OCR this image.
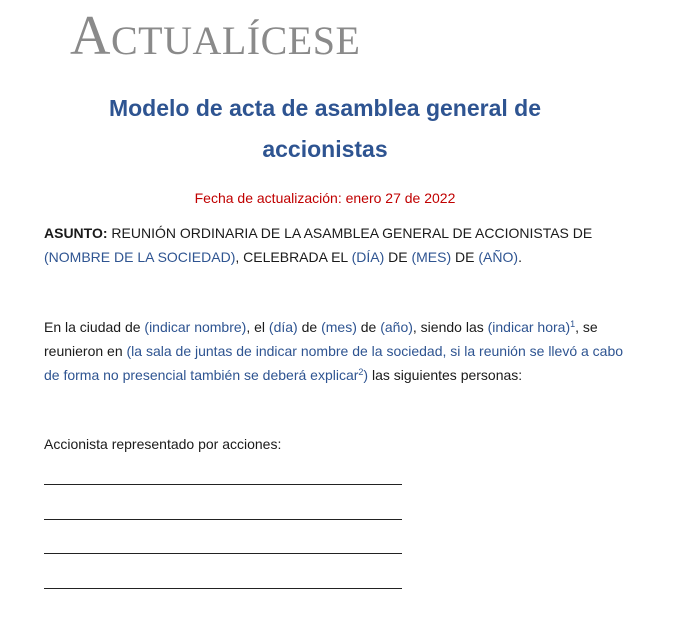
ACTUALÍCESE
Modelo de acta de asamblea general de
accionistas
Fecha de actualización: enero 27 de 2022
ASUNTO: REUNIÓN ORDINARIA DE LA ASAMBLEA GENERAL DE ACCIONISTAS DE (NOMBRE DE LA SOCIEDAD), CELEBRADA EL (DÍA) DE (MES) DE (AÑO).
En la ciudad de (indicar nombre), el (día) de (mes) de (año), siendo las (indicar hora)$^1$, se reunieron en (la sala de juntas de indicar nombre de la sociedad, si la reunión se llevó a cabo de forma no presencial también se deberá explicar$^2$) las siguientes personas:
Accionista representado por acciones:
